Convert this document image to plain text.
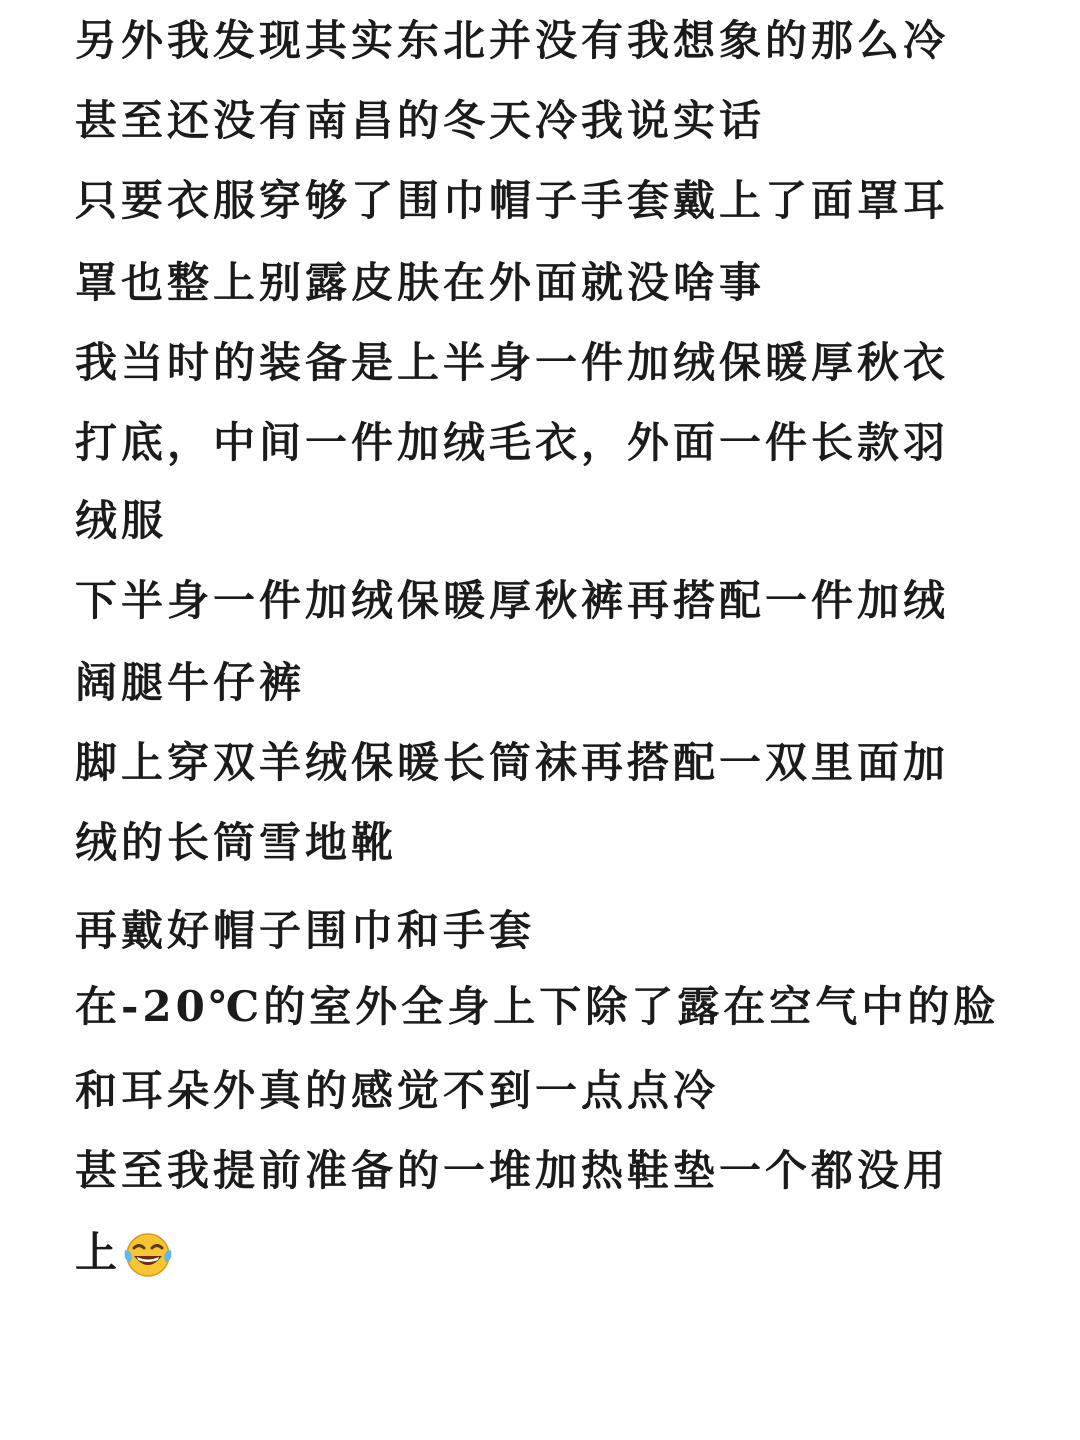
另外我发现其实东北并没有我想象的那么冷
甚至还没有南昌的冬天冷我说实话
只要衣服穿够了围巾帽子手套戴上了面罩耳
罩也整上别露皮肤在外面就没啥事
我当时的装备是上半身一件加绒保暖厚秋衣
打底，中间一件加绒毛衣，外面一件长款羽
绒服
下半身一件加绒保暖厚秋裤再搭配一件加绒
阔腿牛仔裤
脚上穿双羊绒保暖长筒袜再搭配一双里面加
绒的长筒雪地靴
再戴好帽子围巾和手套
在-20℃的室外全身上下除了露在空气中的脸
和耳朵外真的感觉不到一点点冷
甚至我提前准备的一堆加热鞋垫一个都没用
上
